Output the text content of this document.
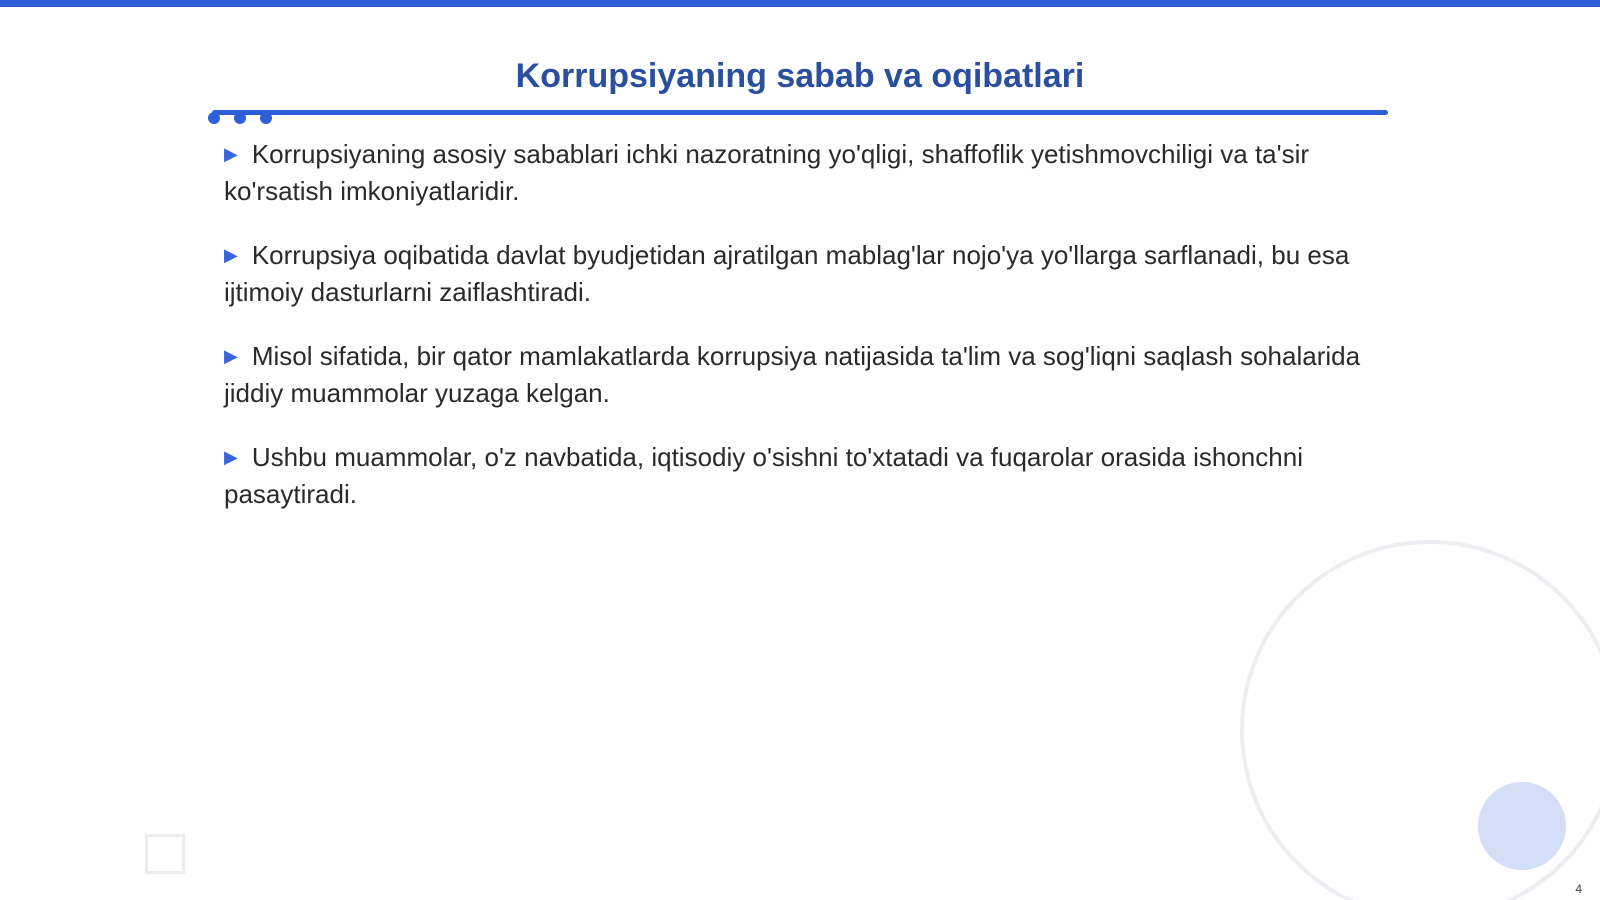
Korrupsiyaning sabab va oqibatlari
▶ Korrupsiyaning asosiy sabablari ichki nazoratning yo'qligi, shaffoflik yetishmovchiligi va ta'sir ko'rsatish imkoniyatlaridir.
▶ Korrupsiya oqibatida davlat byudjetidan ajratilgan mablag'lar nojo'ya yo'llarga sarflanadi, bu esa ijtimoiy dasturlarni zaiflashtiradi.
▶ Misol sifatida, bir qator mamlakatlarda korrupsiya natijasida ta'lim va sog'liqni saqlash sohalarida jiddiy muammolar yuzaga kelgan.
▶ Ushbu muammolar, o'z navbatida, iqtisodiy o'sishni to'xtatadi va fuqarolar orasida ishonchni pasaytiradi.
4
